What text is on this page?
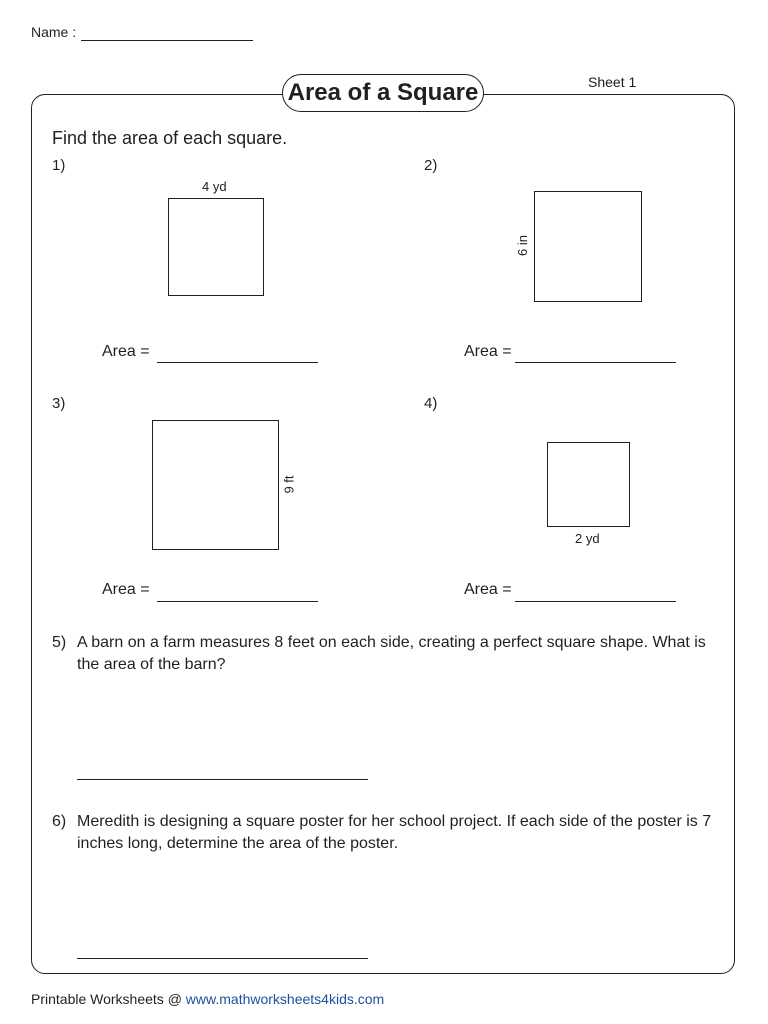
Name :
Area of a Square	Sheet 1
Find the area of each square.
1)
4 yd
Area =
2)
6 in
Area =
3)
9 ft
Area =
4)
2 yd
Area =
5) A barn on a farm measures 8 feet on each side, creating a perfect square shape. What is the area of the barn?
6) Meredith is designing a square poster for her school project. If each side of the poster is 7 inches long, determine the area of the poster.
Printable Worksheets @ www.mathworksheets4kids.com
